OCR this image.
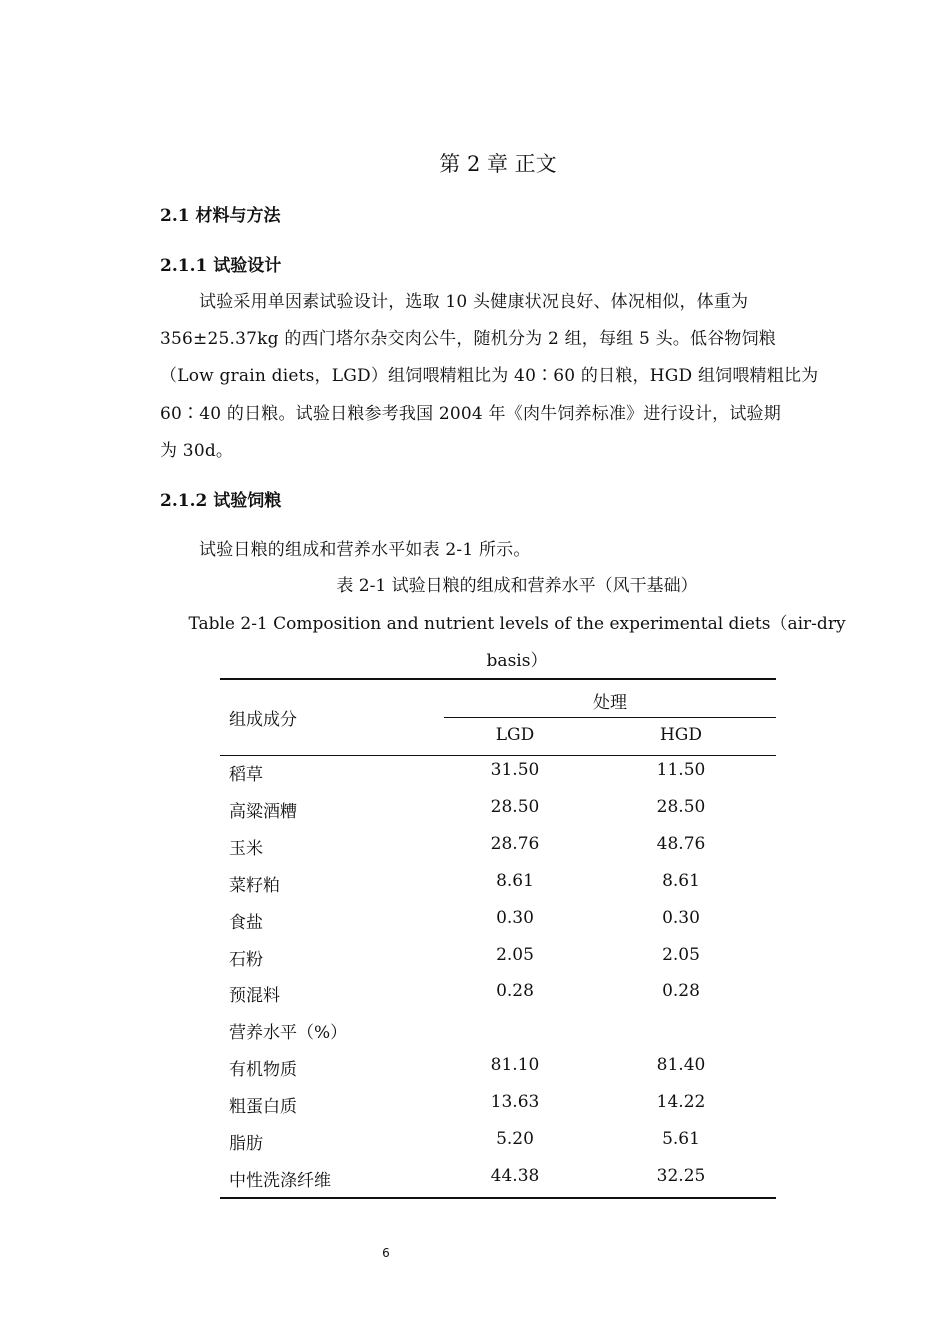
第 2 章 正文
2.1 材料与方法
2.1.1 试验设计
试验采用单因素试验设计，选取 10 头健康状况良好、体况相似，体重为
356±25.37kg 的西门塔尔杂交肉公牛，随机分为 2 组，每组 5 头。低谷物饲粮
（Low grain diets，LGD）组饲喂精粗比为 40∶60 的日粮，HGD 组饲喂精粗比为
60∶40 的日粮。试验日粮参考我国 2004 年《肉牛饲养标准》进行设计，试验期
为 30d。
2.1.2 试验饲粮
试验日粮的组成和营养水平如表 2-1 所示。
表 2-1 试验日粮的组成和营养水平（风干基础）
Table 2-1 Composition and nutrient levels of the experimental diets（air-dry
basis）
组成成分
处理
LGD	HGD
稻草	31.50	11.50
高粱酒糟	28.50	28.50
玉米	28.76	48.76
菜籽粕	8.61	8.61
食盐	0.30	0.30
石粉	2.05	2.05
预混料	0.28	0.28
营养水平（%）
有机物质	81.10	81.40
粗蛋白质	13.63	14.22
脂肪	5.20	5.61
中性洗涤纤维	44.38	32.25
6
